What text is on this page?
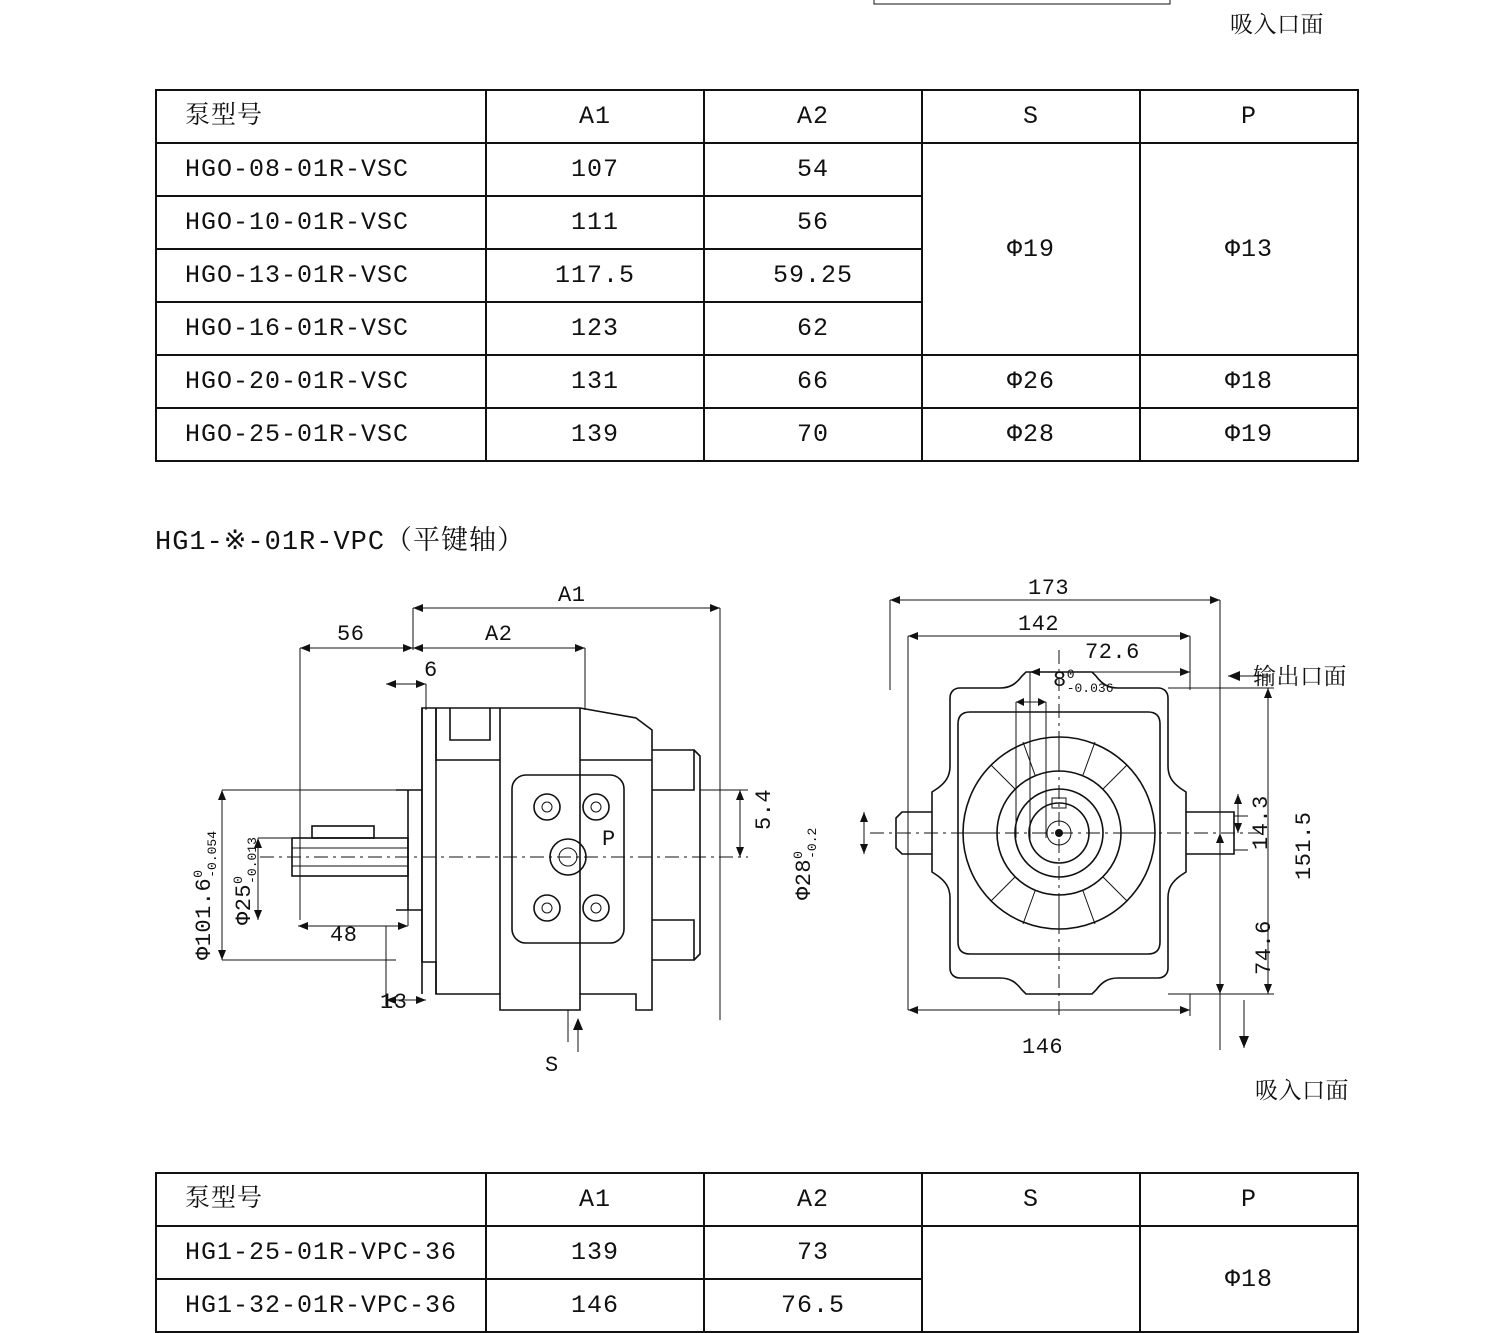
吸入口面
泵型号	A1	A2	S	P
HGO-08-01R-VSC	107	54	Φ19	Φ13
HGO-10-01R-VSC	111	56		
HGO-13-01R-VSC	117.5	59.25		
HGO-16-01R-VSC	123	62		
HGO-20-01R-VSC	131	66	Φ26	Φ18
HGO-25-01R-VSC	139	70	Φ28	Φ19
HG1-※-01R-VPC（平键轴）
A1
A2
56
6
48
13
5.4
P
S
Φ101.6
0
-0.054
Φ25
0
-0.013
173
142
72.6
151.5
14.3
74.6
146
输出口面
吸入口面
8 0
-0.036
Φ28
0
-0.2
泵型号	A1	A2	S	P
HG1-25-01R-VPC-36	139	73		Φ18
HG1-32-01R-VPC-36	146	76.5		
